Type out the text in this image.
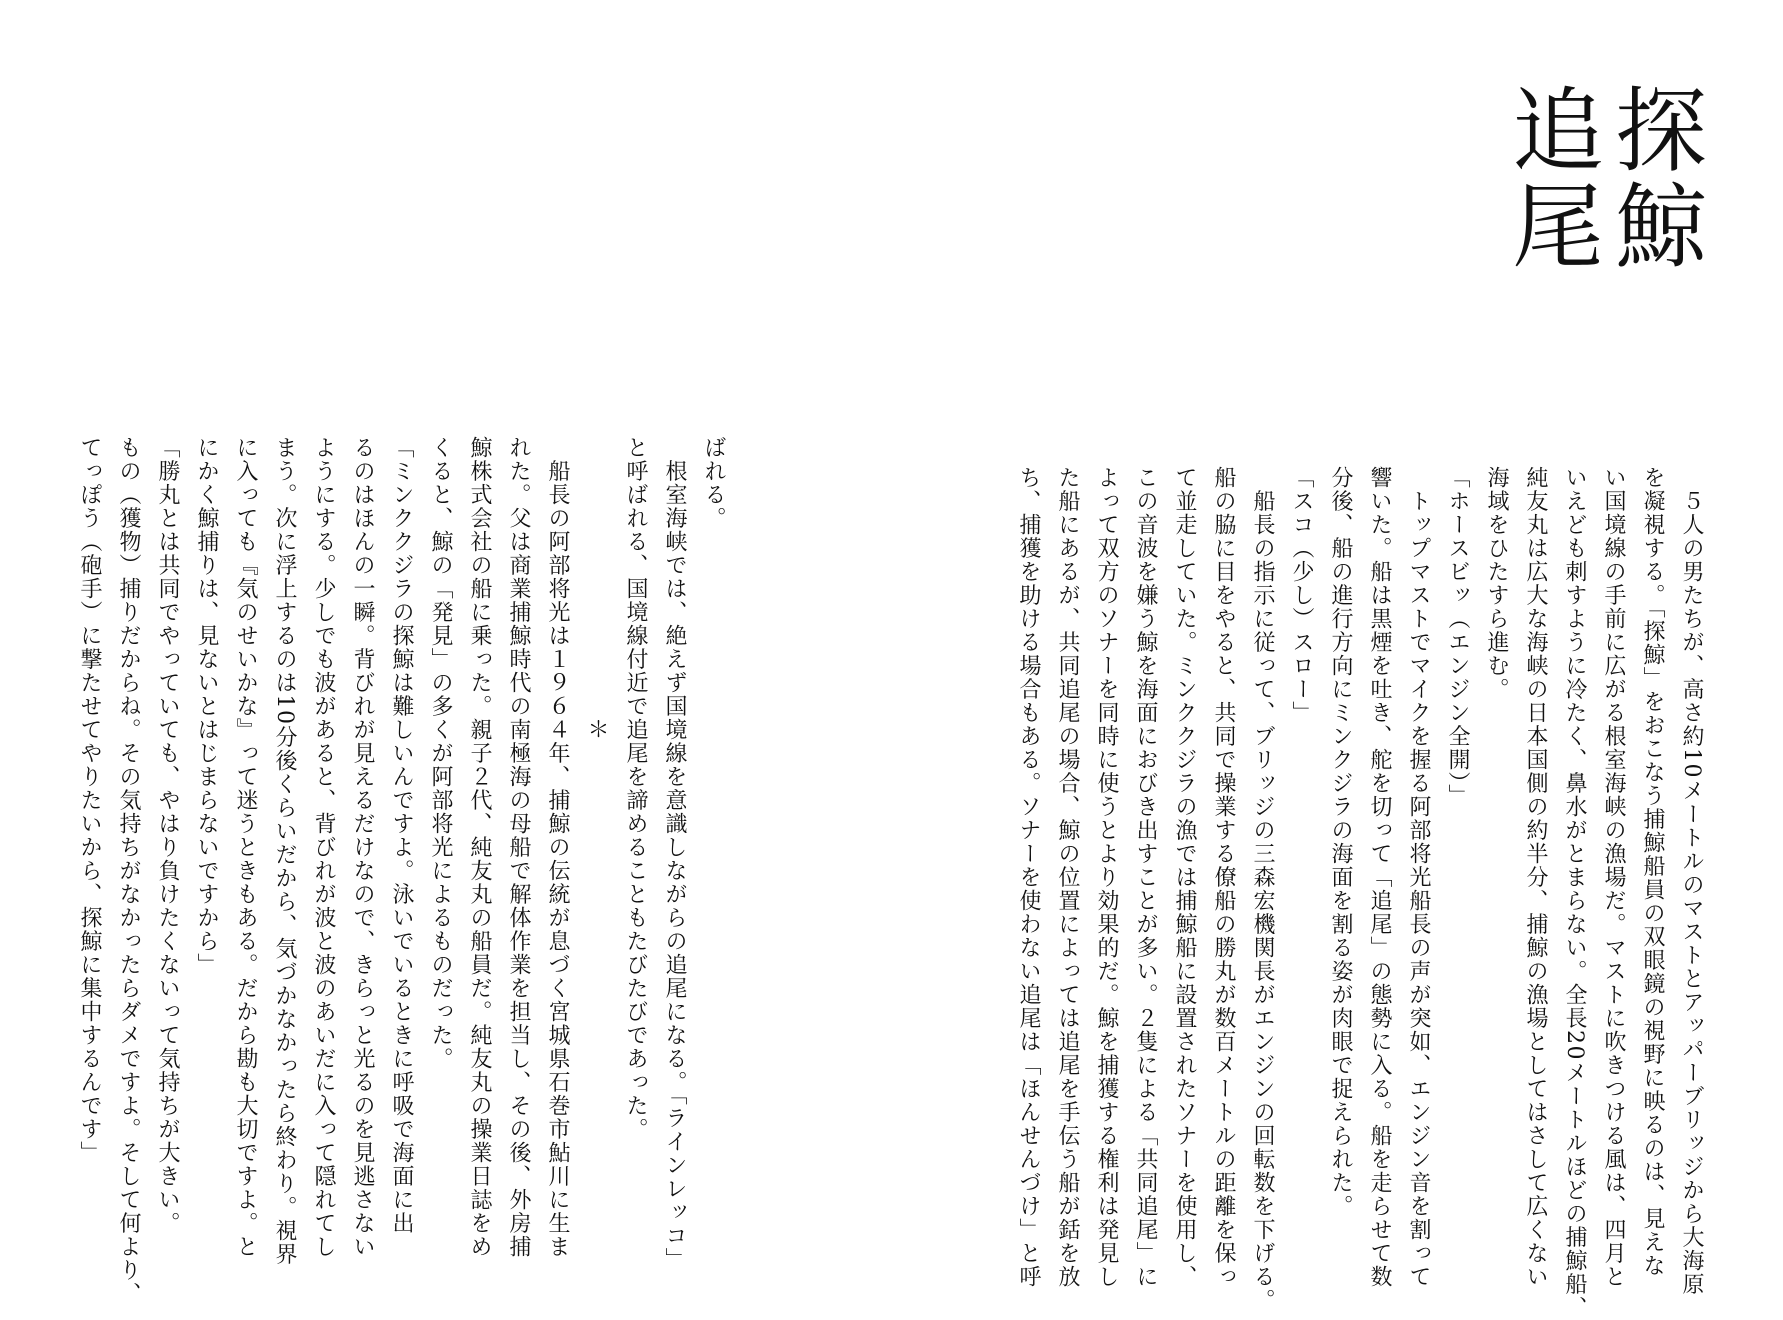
探鯨
追尾
　５人の男たちが、高さ約10メートルのマストとアッパーブリッジから大海原
を凝視する。「探鯨」をおこなう捕鯨船員の双眼鏡の視野に映るのは、見えな
い国境線の手前に広がる根室海峡の漁場だ。マストに吹きつける風は、四月と
いえども刺すように冷たく、鼻水がとまらない。全長20メートルほどの捕鯨船、
純友丸は広大な海峡の日本国側の約半分、捕鯨の漁場としてはさして広くない
海域をひたすら進む。
「ホースビッ（エンジン全開）」
　トップマストでマイクを握る阿部将光船長の声が突如、エンジン音を割って
響いた。船は黒煙を吐き、舵を切って「追尾」の態勢に入る。船を走らせて数
分後、船の進行方向にミンクジラの海面を割る姿が肉眼で捉えられた。
「スコ（少し）スロー」
　船長の指示に従って、ブリッジの三森宏機関長がエンジンの回転数を下げる。
船の脇に目をやると、共同で操業する僚船の勝丸が数百メートルの距離を保っ
て並走していた。ミンククジラの漁では捕鯨船に設置されたソナーを使用し、
この音波を嫌う鯨を海面におびき出すことが多い。２隻による「共同追尾」に
よって双方のソナーを同時に使うとより効果的だ。鯨を捕獲する権利は発見し
た船にあるが、共同追尾の場合、鯨の位置によっては追尾を手伝う船が銛を放
ち、捕獲を助ける場合もある。ソナーを使わない追尾は「ほんせんづけ」と呼
ばれる。
　根室海峡では、絶えず国境線を意識しながらの追尾になる。「ラインレッコ」
と呼ばれる、国境線付近で追尾を諦めることもたびたびであった。
　　　　　　　　　　　　＊
　船長の阿部将光は１９６４年、捕鯨の伝統が息づく宮城県石巻市鮎川に生ま
れた。父は商業捕鯨時代の南極海の母船で解体作業を担当し、その後、外房捕
鯨株式会社の船に乗った。親子２代、純友丸の船員だ。純友丸の操業日誌をめ
くると、鯨の「発見」の多くが阿部将光によるものだった。
「ミンククジラの探鯨は難しいんですよ。泳いでいるときに呼吸で海面に出
るのはほんの一瞬。背びれが見えるだけなので、きらっと光るのを見逃さない
ようにする。少しでも波があると、背びれが波と波のあいだに入って隠れてし
まう。次に浮上するのは10分後くらいだから、気づかなかったら終わり。視界
に入っても『気のせいかな』って迷うときもある。だから勘も大切ですよ。と
にかく鯨捕りは、見ないとはじまらないですから」
「勝丸とは共同でやっていても、やはり負けたくないって気持ちが大きい。
もの（獲物）捕りだからね。その気持ちがなかったらダメですよ。そして何より、
てっぽう（砲手）に撃たせてやりたいから、探鯨に集中するんです」
